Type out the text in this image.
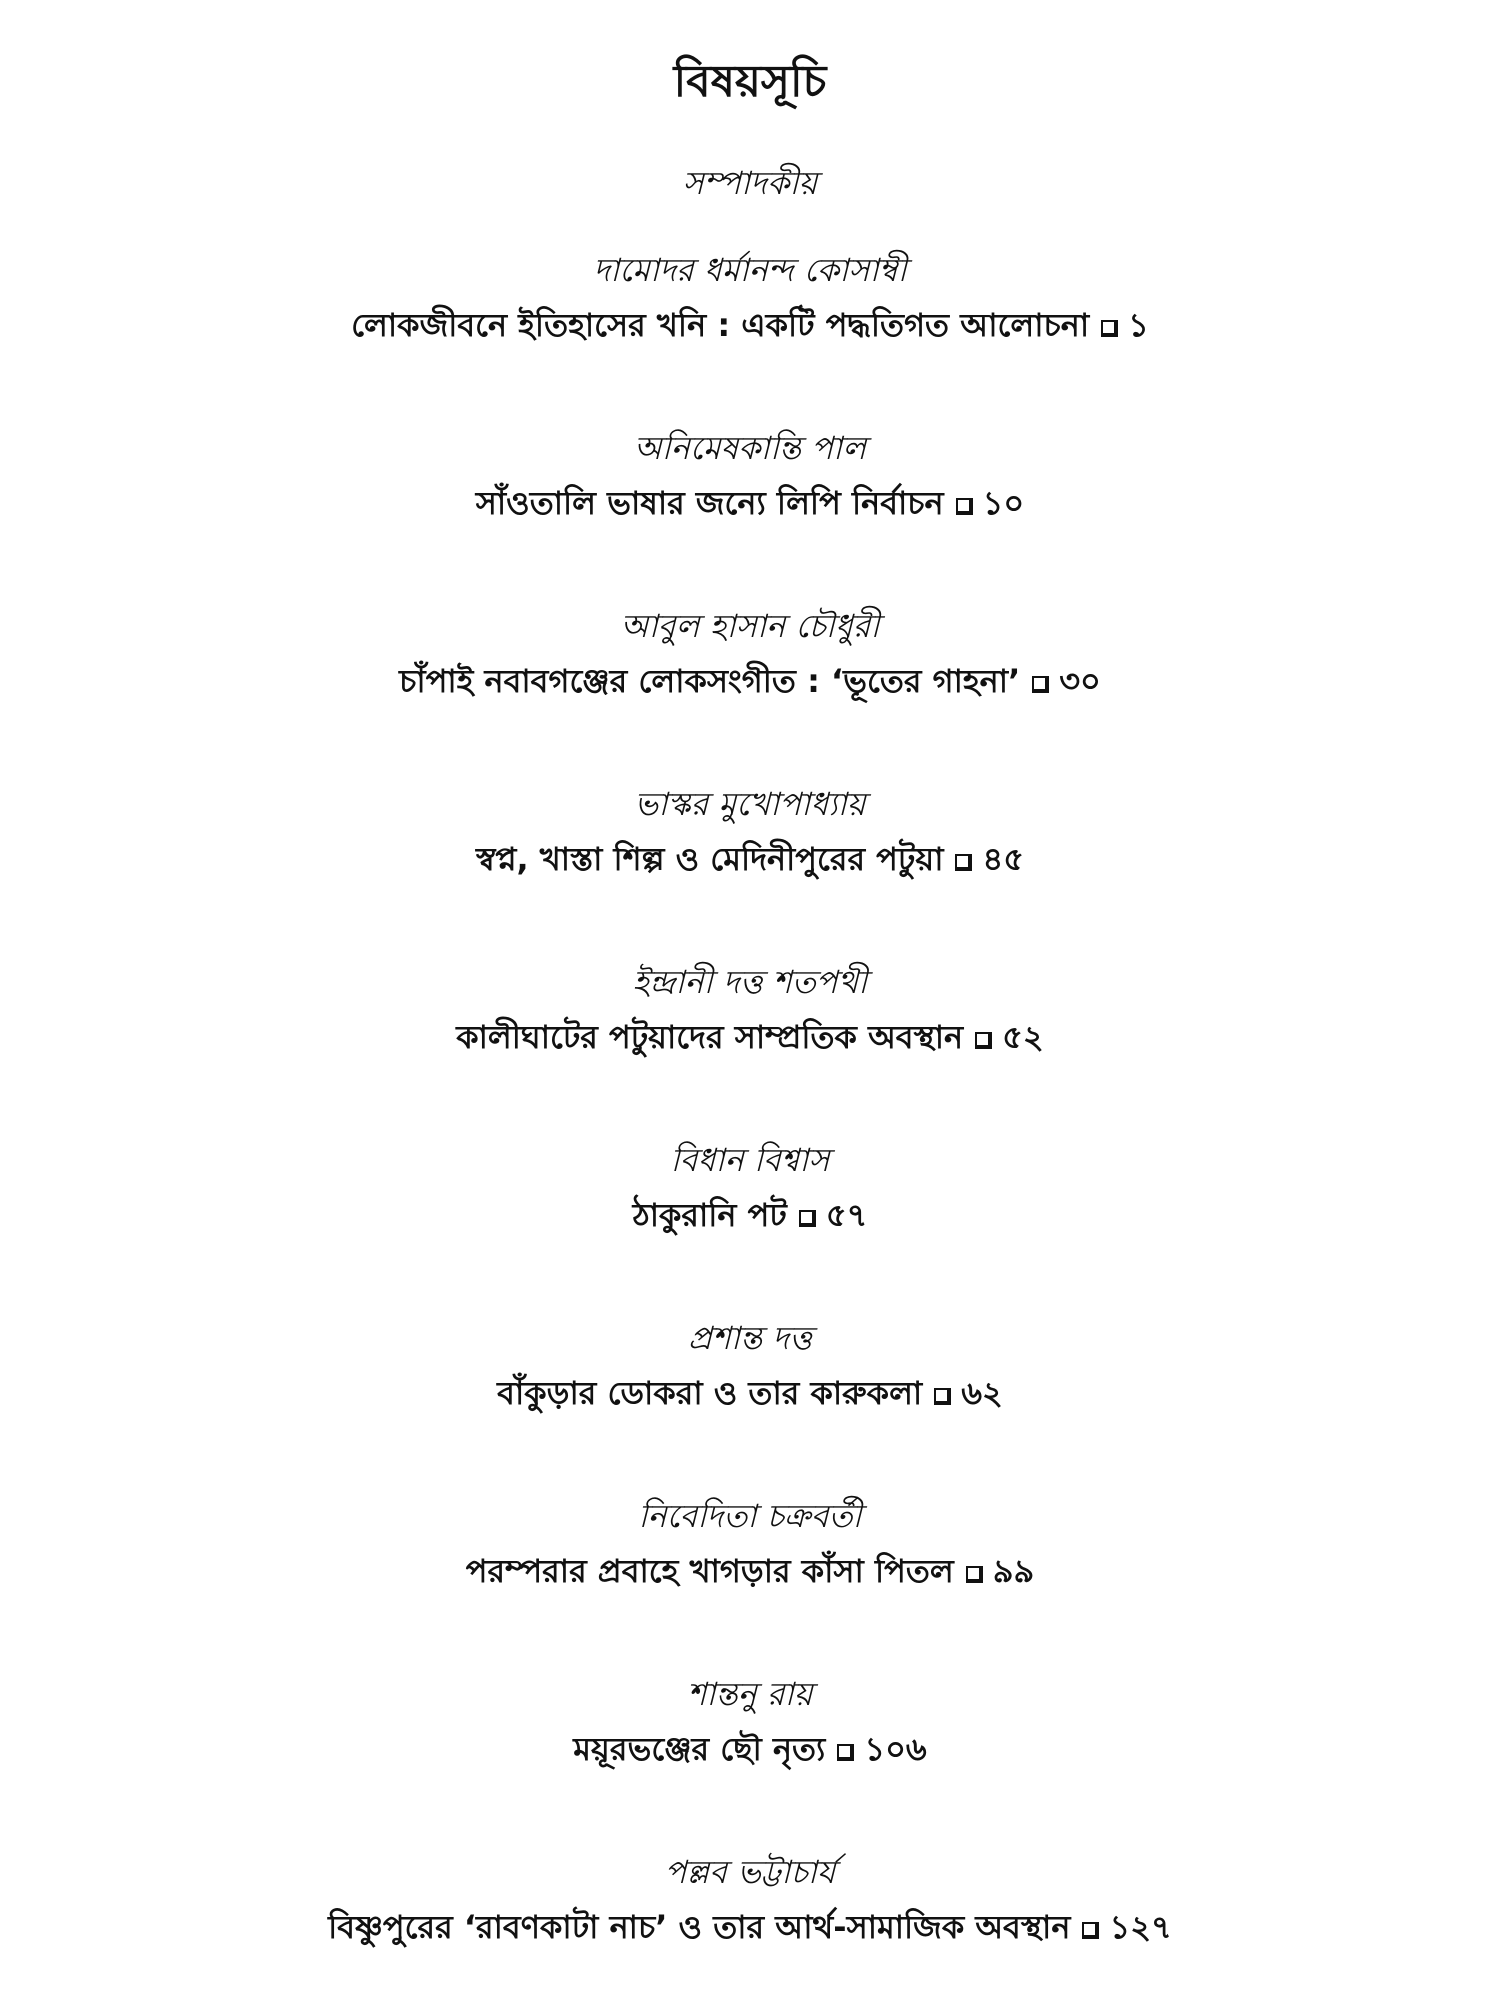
বিষয়সূচি
সম্পাদকীয়
দামোদর ধর্মানন্দ কোসাম্বী
লোকজীবনে ইতিহাসের খনি : একটি পদ্ধতিগত আলোচনা ১
অনিমেষকান্তি পাল
সাঁওতালি ভাষার জন্যে লিপি নির্বাচন ১০
আবুল হাসান চৌধুরী
চাঁপাই নবাবগঞ্জের লোকসংগীত : ‘ভূতের গাহনা’ ৩০
ভাস্কর মুখোপাধ্যায়
স্বপ্ন, খাস্তা শিল্প ও মেদিনীপুরের পটুয়া ৪৫
ইন্দ্রানী দত্ত শতপথী
কালীঘাটের পটুয়াদের সাম্প্রতিক অবস্থান ৫২
বিধান বিশ্বাস
ঠাকুরানি পট ৫৭
প্রশান্ত দত্ত
বাঁকুড়ার ডোকরা ও তার কারুকলা ৬২
নিবেদিতা চক্রবর্তী
পরম্পরার প্রবাহে খাগড়ার কাঁসা পিতল ৯৯
শান্তনু রায়
ময়ূরভঞ্জের ছৌ নৃত্য ১০৬
পল্লব ভট্টাচার্য
বিষ্ণুপুরের ‘রাবণকাটা নাচ’ ও তার আর্থ-সামাজিক অবস্থান ১২৭
